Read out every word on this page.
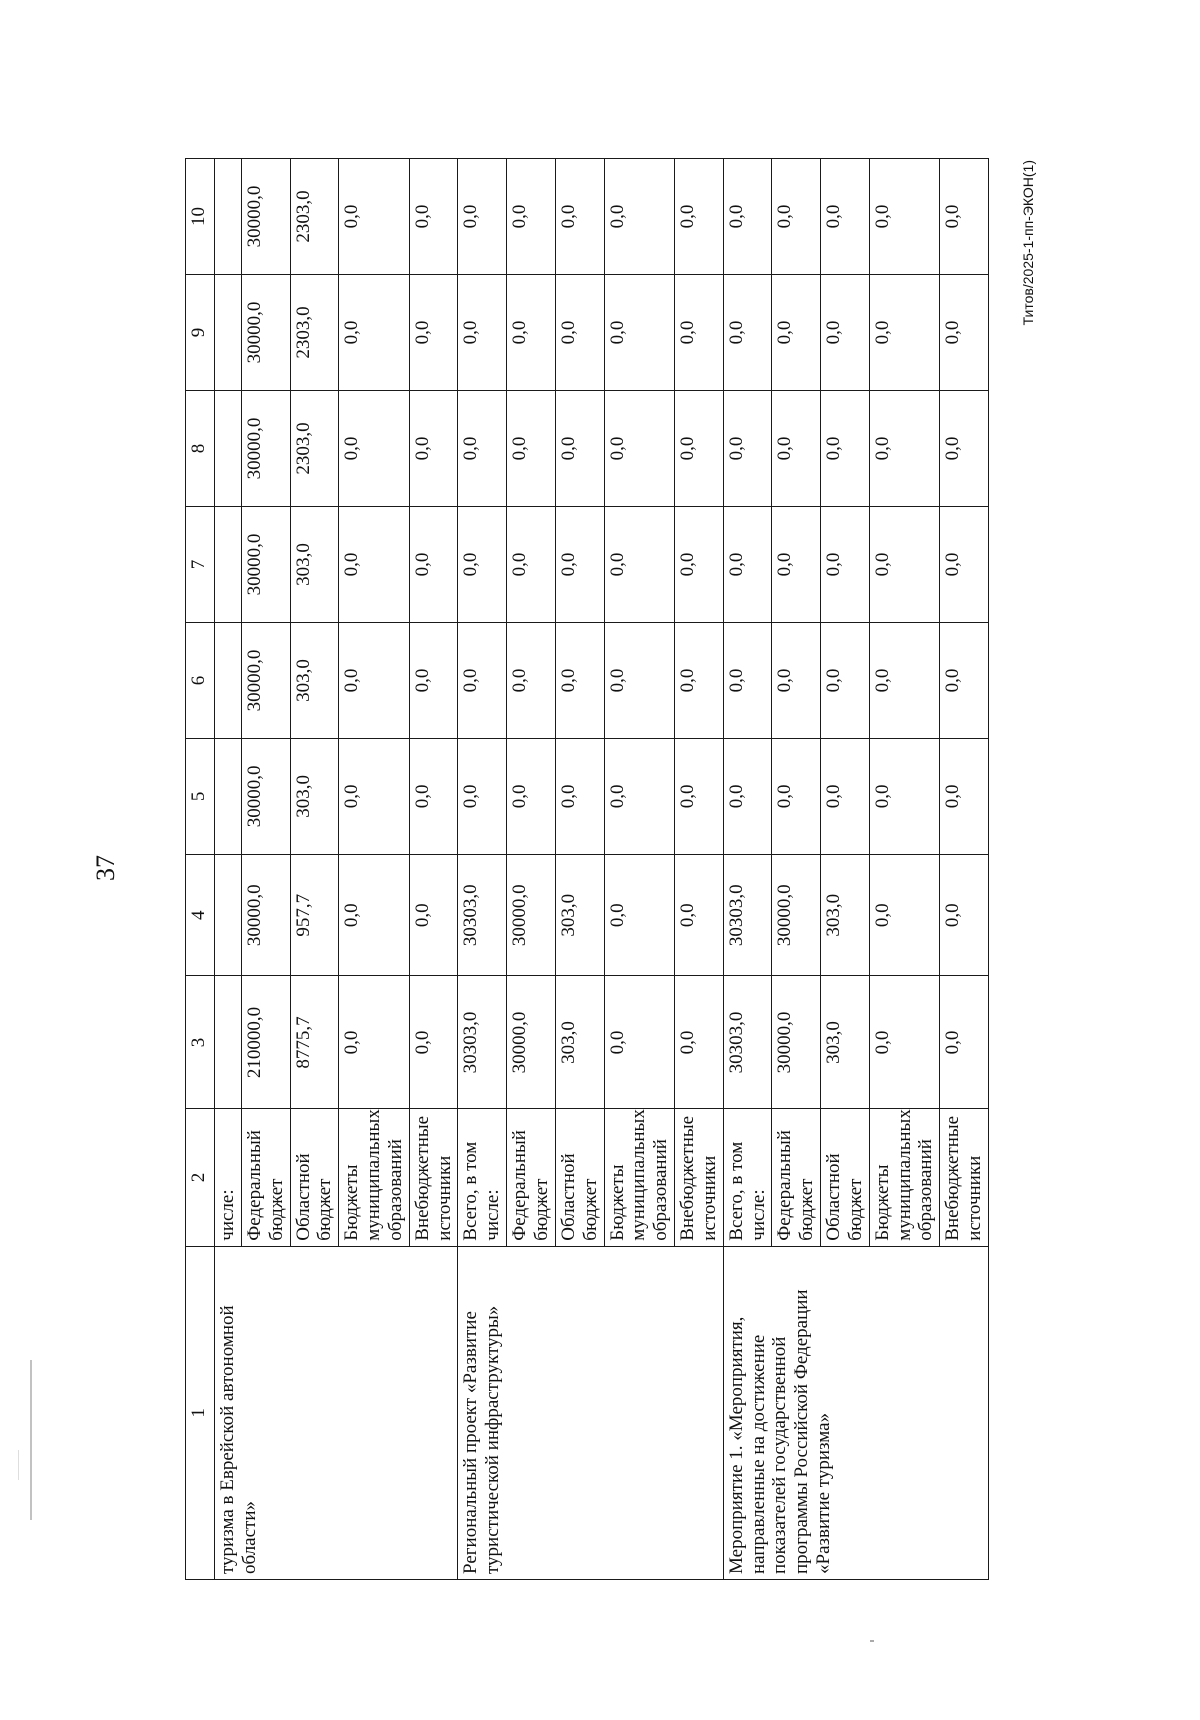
37
Титов/2025-1-пп-ЭКОН(1)
1	2	3	4	5	6	7	8	9	10
туризма в Еврейской автономной области»	числе:								
	Федеральный бюджет	210000,0	30000,0	30000,0	30000,0	30000,0	30000,0	30000,0	30000,0
	Областной бюджет	8775,7	957,7	303,0	303,0	303,0	2303,0	2303,0	2303,0
	Бюджеты муниципальных образований	0,0	0,0	0,0	0,0	0,0	0,0	0,0	0,0
	Внебюджетные источники	0,0	0,0	0,0	0,0	0,0	0,0	0,0	0,0
Региональный проект «Развитие туристической инфраструктуры»	Всего, в том числе:	30303,0	30303,0	0,0	0,0	0,0	0,0	0,0	0,0
	Федеральный бюджет	30000,0	30000,0	0,0	0,0	0,0	0,0	0,0	0,0
	Областной бюджет	303,0	303,0	0,0	0,0	0,0	0,0	0,0	0,0
	Бюджеты муниципальных образований	0,0	0,0	0,0	0,0	0,0	0,0	0,0	0,0
	Внебюджетные источники	0,0	0,0	0,0	0,0	0,0	0,0	0,0	0,0
Мероприятие 1. «Мероприятия, направленные на достижение показателей государственной программы Российской Федерации «Развитие туризма»	Всего, в том числе:	30303,0	30303,0	0,0	0,0	0,0	0,0	0,0	0,0
	Федеральный бюджет	30000,0	30000,0	0,0	0,0	0,0	0,0	0,0	0,0
	Областной бюджет	303,0	303,0	0,0	0,0	0,0	0,0	0,0	0,0
	Бюджеты муниципальных образований	0,0	0,0	0,0	0,0	0,0	0,0	0,0	0,0
	Внебюджетные источники	0,0	0,0	0,0	0,0	0,0	0,0	0,0	0,0
